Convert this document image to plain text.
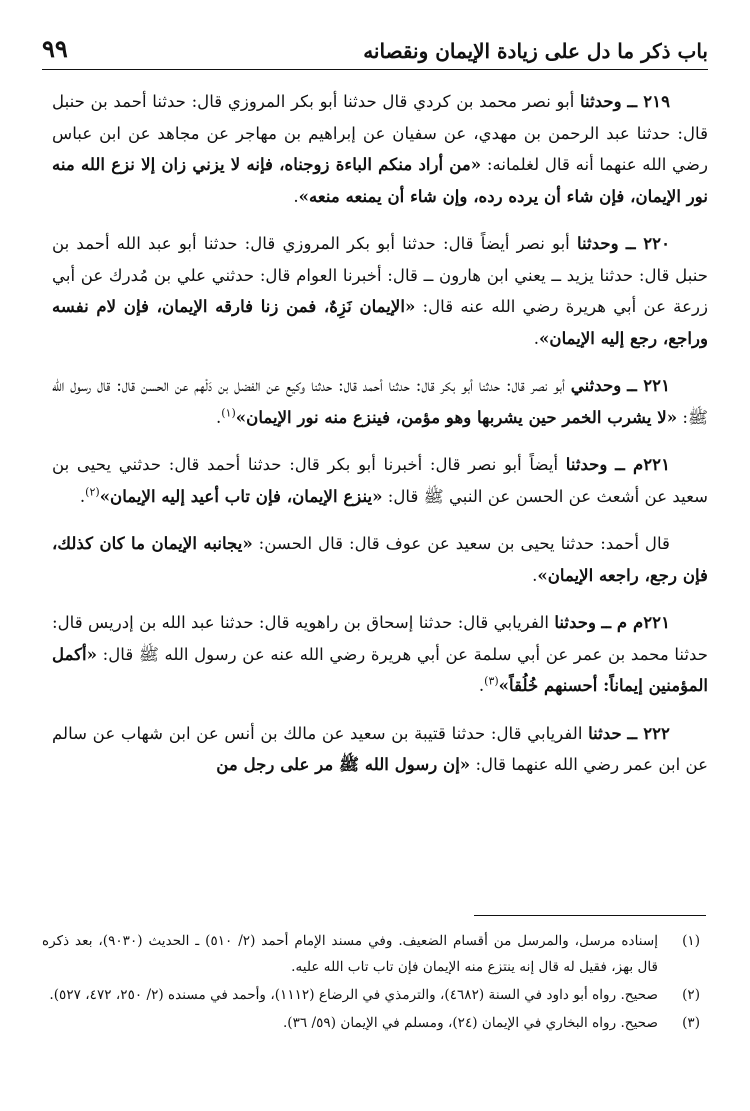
باب ذكر ما دل على زيادة الإيمان ونقصانه
٩٩

٢١٩ ــ وحدثنا أبو نصر محمد بن كردي قال حدثنا أبو بكر المروزي قال: حدثنا أحمد بن حنبل قال: حدثنا عبد الرحمن بن مهدي، عن سفيان عن إبراهيم بن مهاجر عن مجاهد عن ابن عباس رضي الله عنهما أنه قال لغلمانه: «من أراد منكم الباءة زوجناه، فإنه لا يزني زان إلا نزع الله منه نور الإيمان، فإن شاء أن يرده رده، وإن شاء أن يمنعه منعه».

٢٢٠ ــ وحدثنا أبو نصر أيضاً قال: حدثنا أبو بكر المروزي قال: حدثنا أبو عبد الله أحمد بن حنبل قال: حدثنا يزيد ــ يعني ابن هارون ــ قال: أخبرنا العوام قال: حدثني علي بن مُدرك عن أبي زرعة عن أبي هريرة رضي الله عنه قال: «الإيمان نَزِهٌ، فمن زنا فارقه الإيمان، فإن لام نفسه وراجع، رجع إليه الإيمان».

٢٢١ ــ وحدثني أبو نصر قال: حدثنا أبو بكر قال: حدثنا أحمد قال: حدثنا وكيع عن الفضل بن دَلْهم عن الحسن قال: قال رسول الله ﷺ: «لا يشرب الخمر حين يشربها وهو مؤمن، فينزع منه نور الإيمان»$^{(١)}$.

٢٢١م ــ وحدثنا أيضاً أبو نصر قال: أخبرنا أبو بكر قال: حدثنا أحمد قال: حدثني يحيى بن سعيد عن أشعث عن الحسن عن النبي ﷺ قال: «ينزع الإيمان، فإن تاب أعيد إليه الإيمان»$^{(٢)}$.

قال أحمد: حدثنا يحيى بن سعيد عن عوف قال: قال الحسن: «يجانبه الإيمان ما كان كذلك، فإن رجع، راجعه الإيمان».

٢٢١م م ــ وحدثنا الفريابي قال: حدثنا إسحاق بن راهويه قال: حدثنا عبد الله بن إدريس قال: حدثنا محمد بن عمر عن أبي سلمة عن أبي هريرة رضي الله عنه عن رسول الله ﷺ قال: «أكمل المؤمنين إيماناً: أحسنهم خُلُقاً»$^{(٣)}$.

٢٢٢ ــ حدثنا الفريابي قال: حدثنا قتيبة بن سعيد عن مالك بن أنس عن ابن شهاب عن سالم عن ابن عمر رضي الله عنهما قال: «إن رسول الله ﷺ مر على رجل من

(١)
إسناده مرسل، والمرسل من أقسام الضعيف. وفي مسند الإمام أحمد (٢/ ٥١٠) ـ الحديث (٩٠٣٠)، بعد ذكره قال بهز، فقيل له قال إنه ينتزع منه الإيمان فإن تاب تاب الله عليه.
(٢)
صحيح. رواه أبو داود في السنة (٤٦٨٢)، والترمذي في الرضاع (١١١٢)، وأحمد في مسنده (٢/ ٢٥٠، ٤٧٢، ٥٢٧).
(٣)
صحيح. رواه البخاري في الإيمان (٢٤)، ومسلم في الإيمان (٥٩/ ٣٦).
